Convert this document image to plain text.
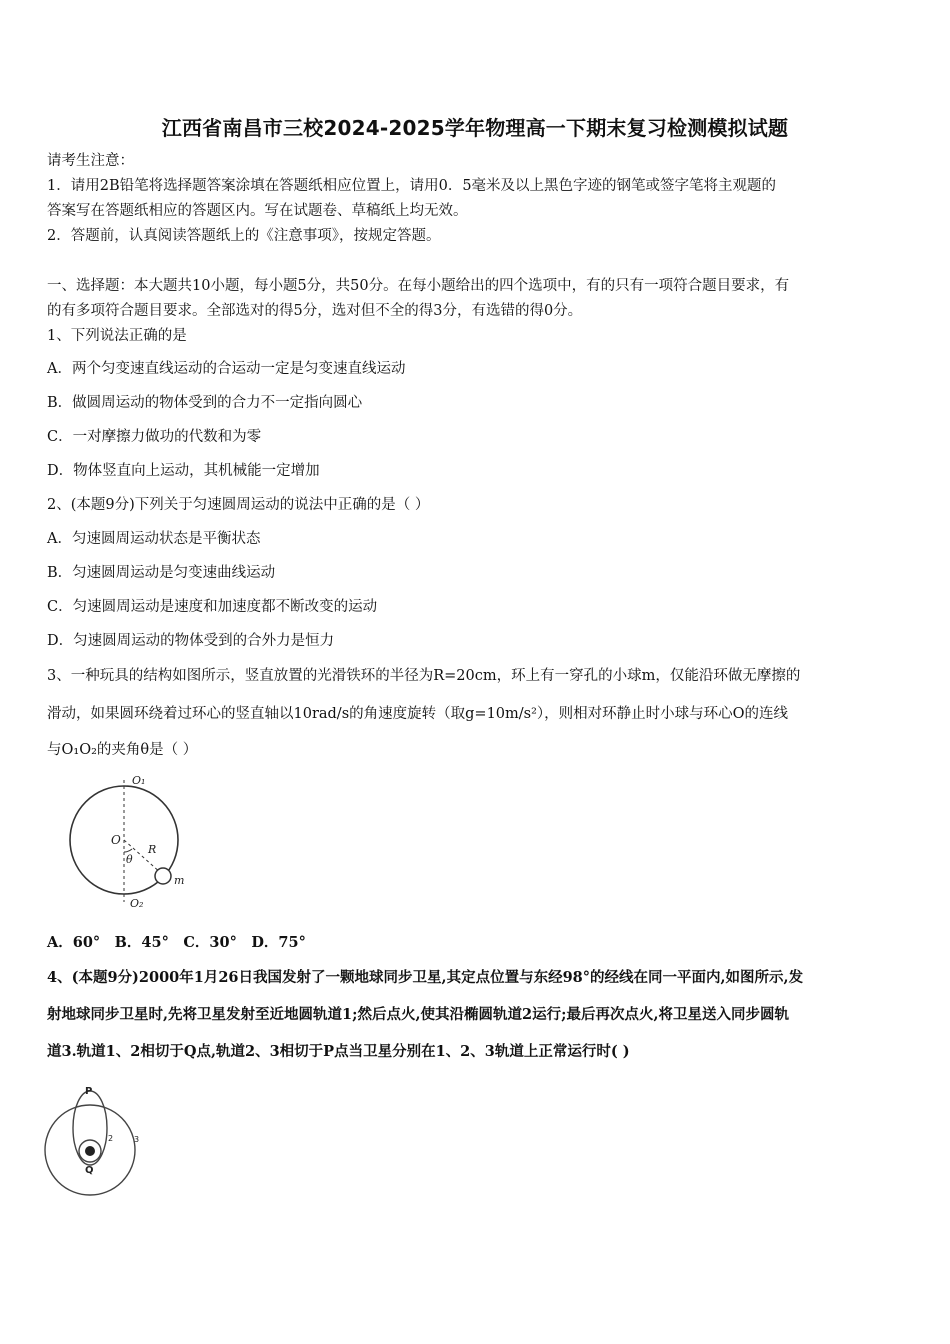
江西省南昌市三校2024-2025学年物理高一下期末复习检测模拟试题
请考生注意：
1．请用2B铅笔将选择题答案涂填在答题纸相应位置上，请用0．5毫米及以上黑色字迹的钢笔或签字笔将主观题的
答案写在答题纸相应的答题区内。写在试题卷、草稿纸上均无效。
2．答题前，认真阅读答题纸上的《注意事项》，按规定答题。
一、选择题：本大题共10小题，每小题5分，共50分。在每小题给出的四个选项中，有的只有一项符合题目要求，有
的有多项符合题目要求。全部选对的得5分，选对但不全的得3分，有选错的得0分。
1、下列说法正确的是
A．两个匀变速直线运动的合运动一定是匀变速直线运动
B．做圆周运动的物体受到的合力不一定指向圆心
C．一对摩擦力做功的代数和为零
D．物体竖直向上运动，其机械能一定增加
2、(本题9分)下列关于匀速圆周运动的说法中正确的是（ ）
A．匀速圆周运动状态是平衡状态
B．匀速圆周运动是匀变速曲线运动
C．匀速圆周运动是速度和加速度都不断改变的运动
D．匀速圆周运动的物体受到的合外力是恒力
3、一种玩具的结构如图所示，竖直放置的光滑铁环的半径为R=20cm，环上有一穿孔的小球m，仅能沿环做无摩擦的
滑动，如果圆环绕着过环心的竖直轴以10rad/s的角速度旋转（取g=10m/s²），则相对环静止时小球与环心O的连线
与O₁O₂的夹角θ是（ ）
O₁
O
R
θ
m
O₂
A．60°　B．45°　C．30°　D．75°
4、(本题9分)2000年1月26日我国发射了一颗地球同步卫星,其定点位置与东经98°的经线在同一平面内,如图所示,发
射地球同步卫星时,先将卫星发射至近地圆轨道1;然后点火,使其沿椭圆轨道2运行;最后再次点火,将卫星送入同步圆轨
道3.轨道1、2相切于Q点,轨道2、3相切于P点当卫星分别在1、2、3轨道上正常运行时( )
P
Q
2	3
